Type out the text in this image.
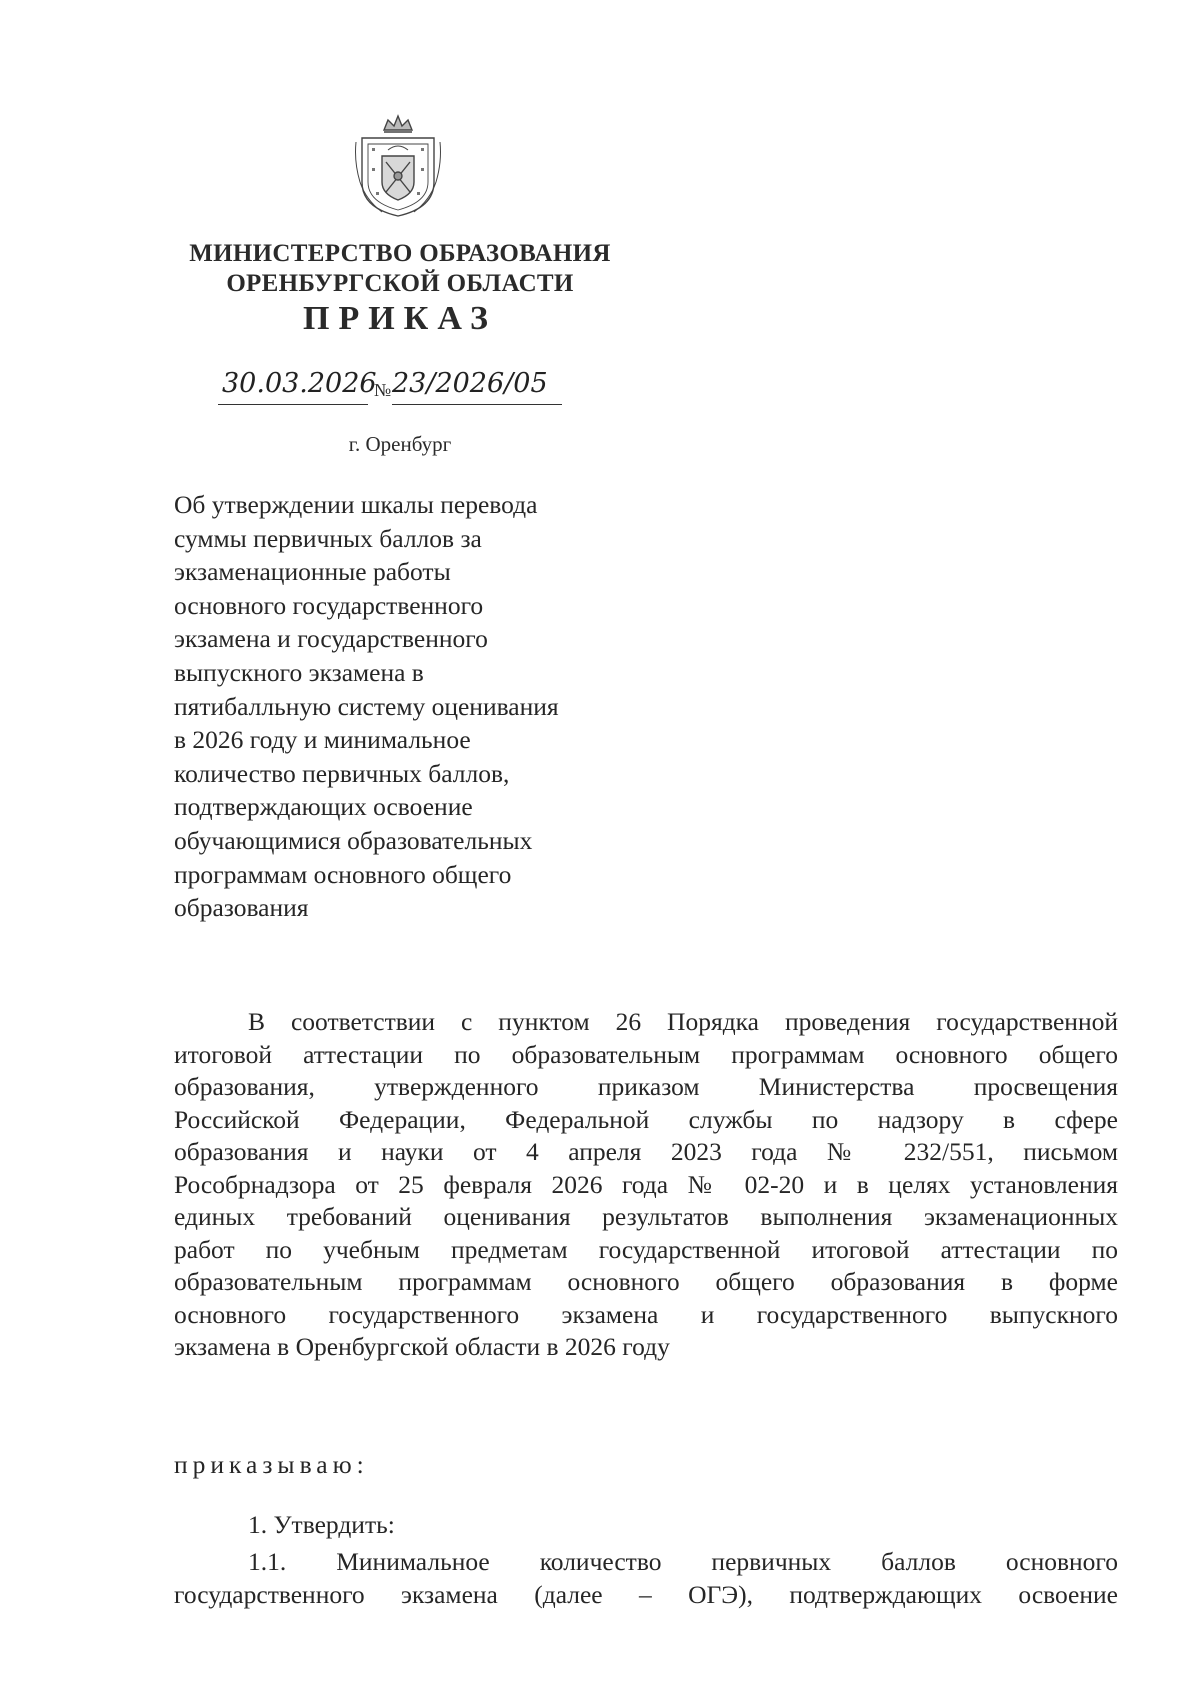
МИНИСТЕРСТВО ОБРАЗОВАНИЯ
ОРЕНБУРГСКОЙ ОБЛАСТИ
ПРИКАЗ
30.03.2026
№ 23/2026/05
г. Оренбург
Об утверждении шкалы перевода
суммы первичных баллов за
экзаменационные работы
основного государственного
экзамена и государственного
выпускного экзамена в
пятибалльную систему оценивания
в 2026 году и минимальное
количество первичных баллов,
подтверждающих освоение
обучающимися образовательных
программам основного общего
образования
В соответствии с пунктом 26 Порядка проведения государственной
итоговой аттестации по образовательным программам основного общего
образования, утвержденного приказом Министерства просвещения
Российской Федерации, Федеральной службы по надзору в сфере
образования и науки от 4 апреля 2023 года № 232/551, письмом
Рособрнадзора от 25 февраля 2026 года № 02-20 и в целях установления
единых требований оценивания результатов выполнения экзаменационных
работ по учебным предметам государственной итоговой аттестации по
образовательным программам основного общего образования в форме
основного государственного экзамена и государственного выпускного
экзамена в Оренбургской области в 2026 году
приказываю:
1. Утвердить:
1.1. Минимальное количество первичных баллов основного
государственного экзамена (далее – ОГЭ), подтверждающих освоение
